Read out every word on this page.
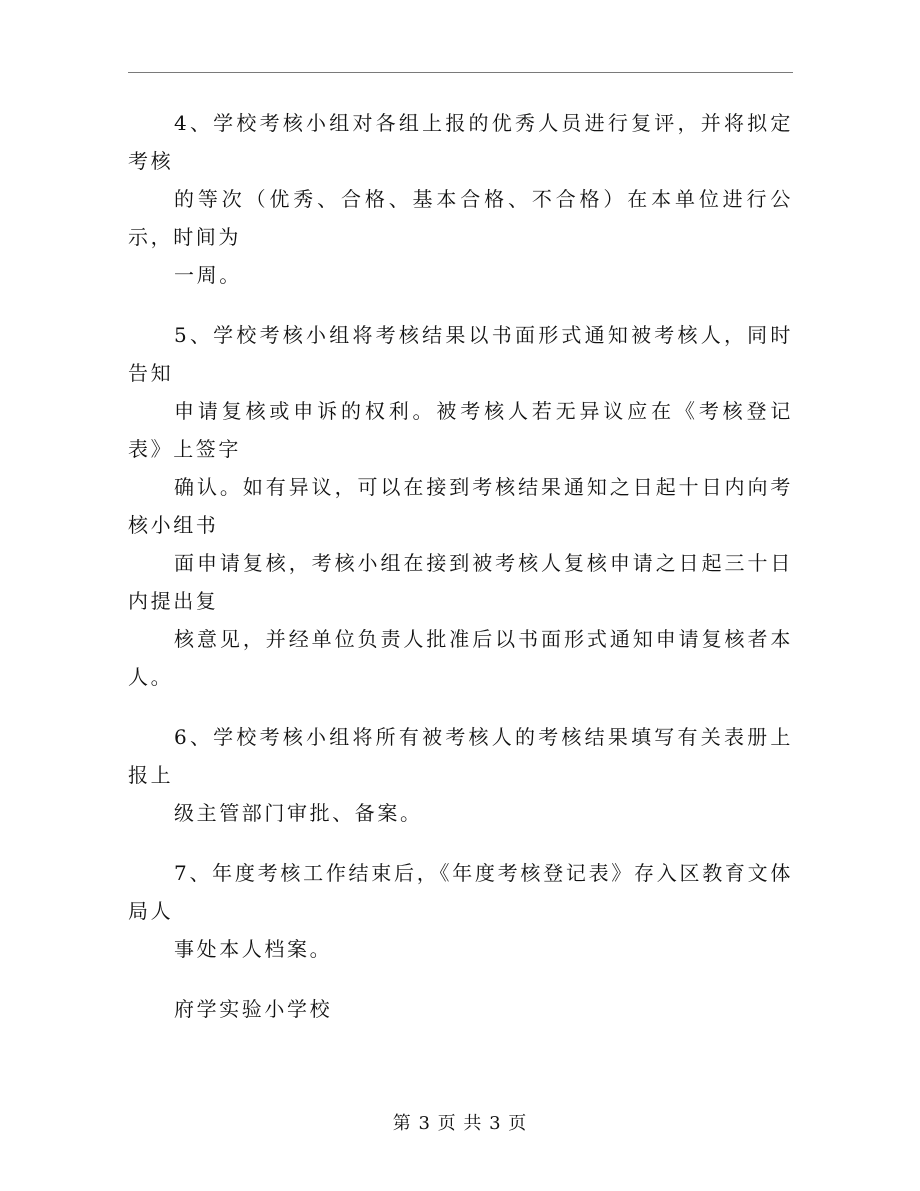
4、学校考核小组对各组上报的优秀人员进行复评，并将拟定考核
的等次（优秀、合格、基本合格、不合格）在本单位进行公示，时间为
一周。

5、学校考核小组将考核结果以书面形式通知被考核人，同时告知
申请复核或申诉的权利。被考核人若无异议应在《考核登记表》上签字
确认。如有异议，可以在接到考核结果通知之日起十日内向考核小组书
面申请复核，考核小组在接到被考核人复核申请之日起三十日内提出复
核意见，并经单位负责人批准后以书面形式通知申请复核者本人。

6、学校考核小组将所有被考核人的考核结果填写有关表册上报上
级主管部门审批、备案。

7、年度考核工作结束后，《年度考核登记表》存入区教育文体局人
事处本人档案。

府学实验小学校
第 3 页 共 3 页
